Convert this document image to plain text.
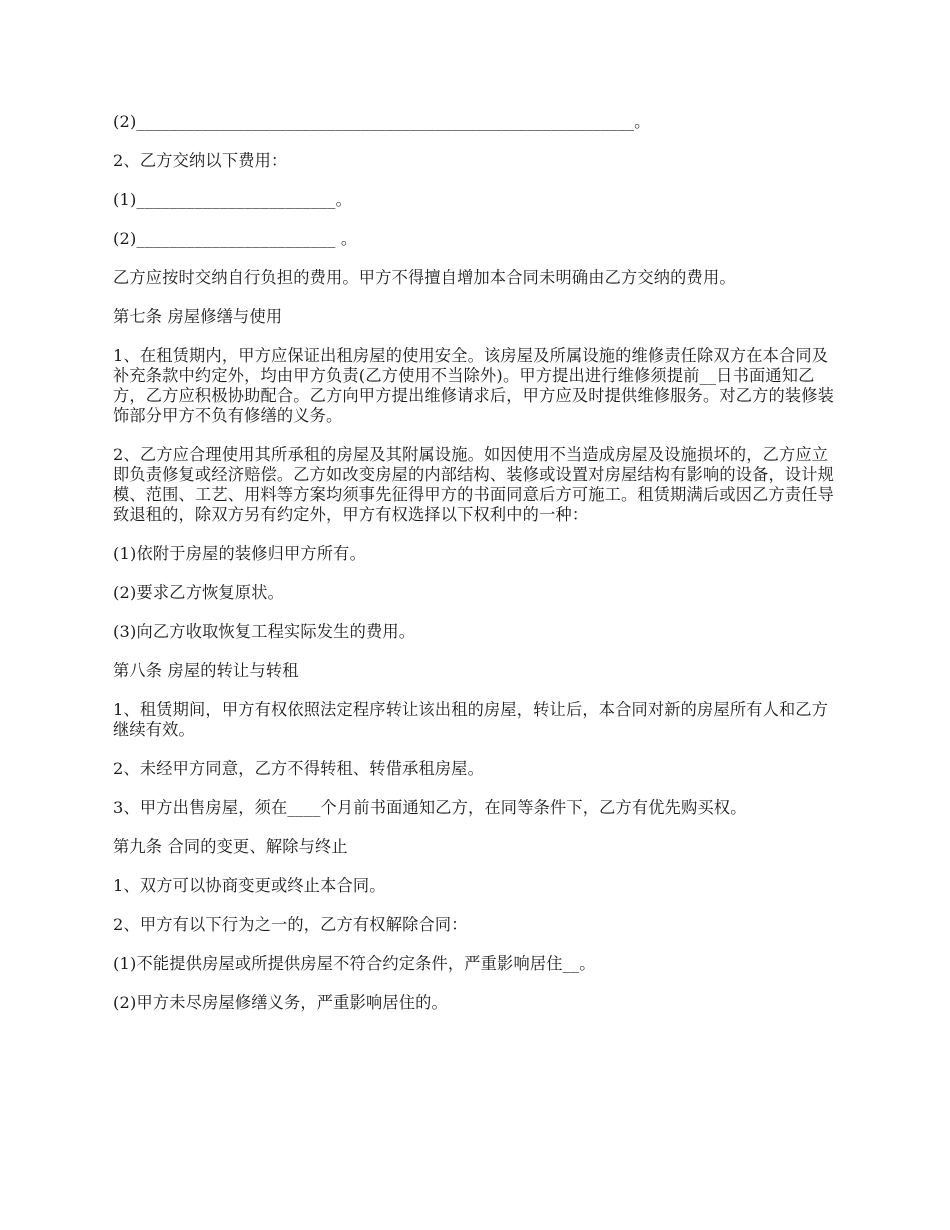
(2)____________________________________________________________。

2、乙方交纳以下费用：

(1)________________________。

(2)________________________ 。

乙方应按时交纳自行负担的费用。甲方不得擅自增加本合同未明确由乙方交纳的费用。

第七条 房屋修缮与使用

1、在租赁期内，甲方应保证出租房屋的使用安全。该房屋及所属设施的维修责任除双方在本合同及补充条款中约定外，均由甲方负责(乙方使用不当除外)。甲方提出进行维修须提前__日书面通知乙方，乙方应积极协助配合。乙方向甲方提出维修请求后，甲方应及时提供维修服务。对乙方的装修装饰部分甲方不负有修缮的义务。

2、乙方应合理使用其所承租的房屋及其附属设施。如因使用不当造成房屋及设施损坏的，乙方应立即负责修复或经济赔偿。乙方如改变房屋的内部结构、装修或设置对房屋结构有影响的设备，设计规模、范围、工艺、用料等方案均须事先征得甲方的书面同意后方可施工。租赁期满后或因乙方责任导致退租的，除双方另有约定外，甲方有权选择以下权利中的一种：

(1)依附于房屋的装修归甲方所有。

(2)要求乙方恢复原状。

(3)向乙方收取恢复工程实际发生的费用。

第八条 房屋的转让与转租

1、租赁期间，甲方有权依照法定程序转让该出租的房屋，转让后，本合同对新的房屋所有人和乙方继续有效。

2、未经甲方同意，乙方不得转租、转借承租房屋。

3、甲方出售房屋，须在____个月前书面通知乙方，在同等条件下，乙方有优先购买权。

第九条 合同的变更、解除与终止

1、双方可以协商变更或终止本合同。

2、甲方有以下行为之一的，乙方有权解除合同：

(1)不能提供房屋或所提供房屋不符合约定条件，严重影响居住__。

(2)甲方未尽房屋修缮义务，严重影响居住的。
